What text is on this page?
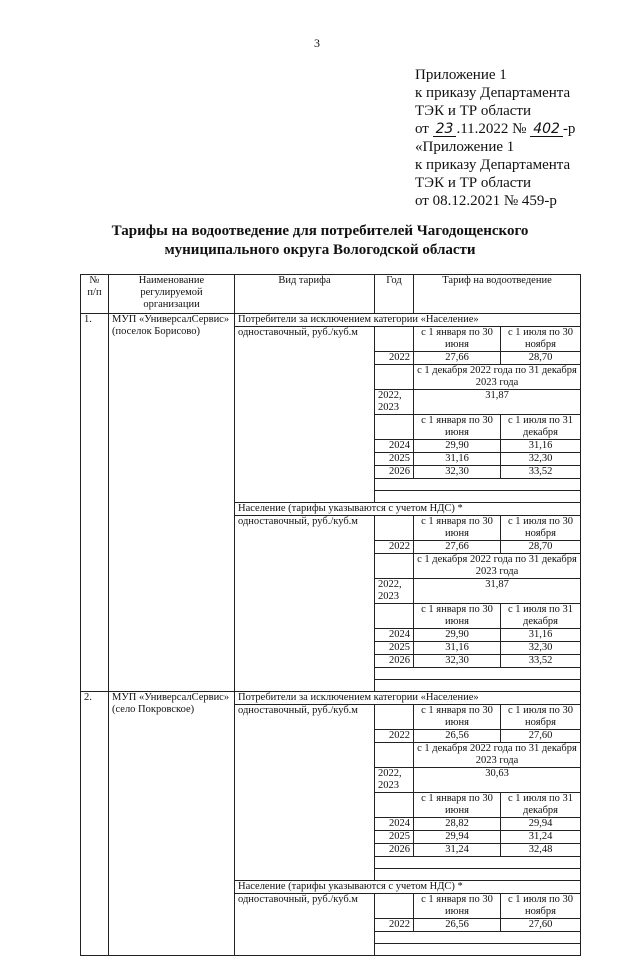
3
Приложение 1
к приказу Департамента
ТЭК и ТР области
от 23 .11.2022 № 402 -р
«Приложение 1
к приказу Департамента
ТЭК и ТР области
от 08.12.2021 № 459-р
Тарифы на водоотведение для потребителей Чагодощенского
муниципального округа Вологодской области
№ п/п	Наименование регулируемой организации	Вид тарифа	Год	Тариф на водоотведение	
1.	МУП «УниверсалСервис» (поселок Борисово)	Потребители за исключением категории «Население»			
		одноставочный, руб./куб.м		с 1 января по 30 июня	с 1 июля по 30 ноября
			2022	27,66	28,70
				с 1 декабря 2022 года по 31 декабря 2023 года	
			2022, 2023	31,87	
				с 1 января по 30 июня	с 1 июля по 31 декабря
			2024	29,90	31,16
			2025	31,16	32,30
			2026	32,30	33,52

		Население (тарифы указываются с учетом НДС) *			
		одноставочный, руб./куб.м		с 1 января по 30 июня	с 1 июля по 30 ноября
			2022	27,66	28,70
				с 1 декабря 2022 года по 31 декабря 2023 года	
			2022, 2023	31,87	
				с 1 января по 30 июня	с 1 июля по 31 декабря
			2024	29,90	31,16
			2025	31,16	32,30
			2026	32,30	33,52

2.	МУП «УниверсалСервис» (село Покровское)	Потребители за исключением категории «Население»			
		одноставочный, руб./куб.м		с 1 января по 30 июня	с 1 июля по 30 ноября
			2022	26,56	27,60
				с 1 декабря 2022 года по 31 декабря 2023 года	
			2022, 2023	30,63	
				с 1 января по 30 июня	с 1 июля по 31 декабря
			2024	28,82	29,94
			2025	29,94	31,24
			2026	31,24	32,48

		Население (тарифы указываются с учетом НДС) *			
		одноставочный, руб./куб.м		с 1 января по 30 июня	с 1 июля по 30 ноября
			2022	26,56	27,60
